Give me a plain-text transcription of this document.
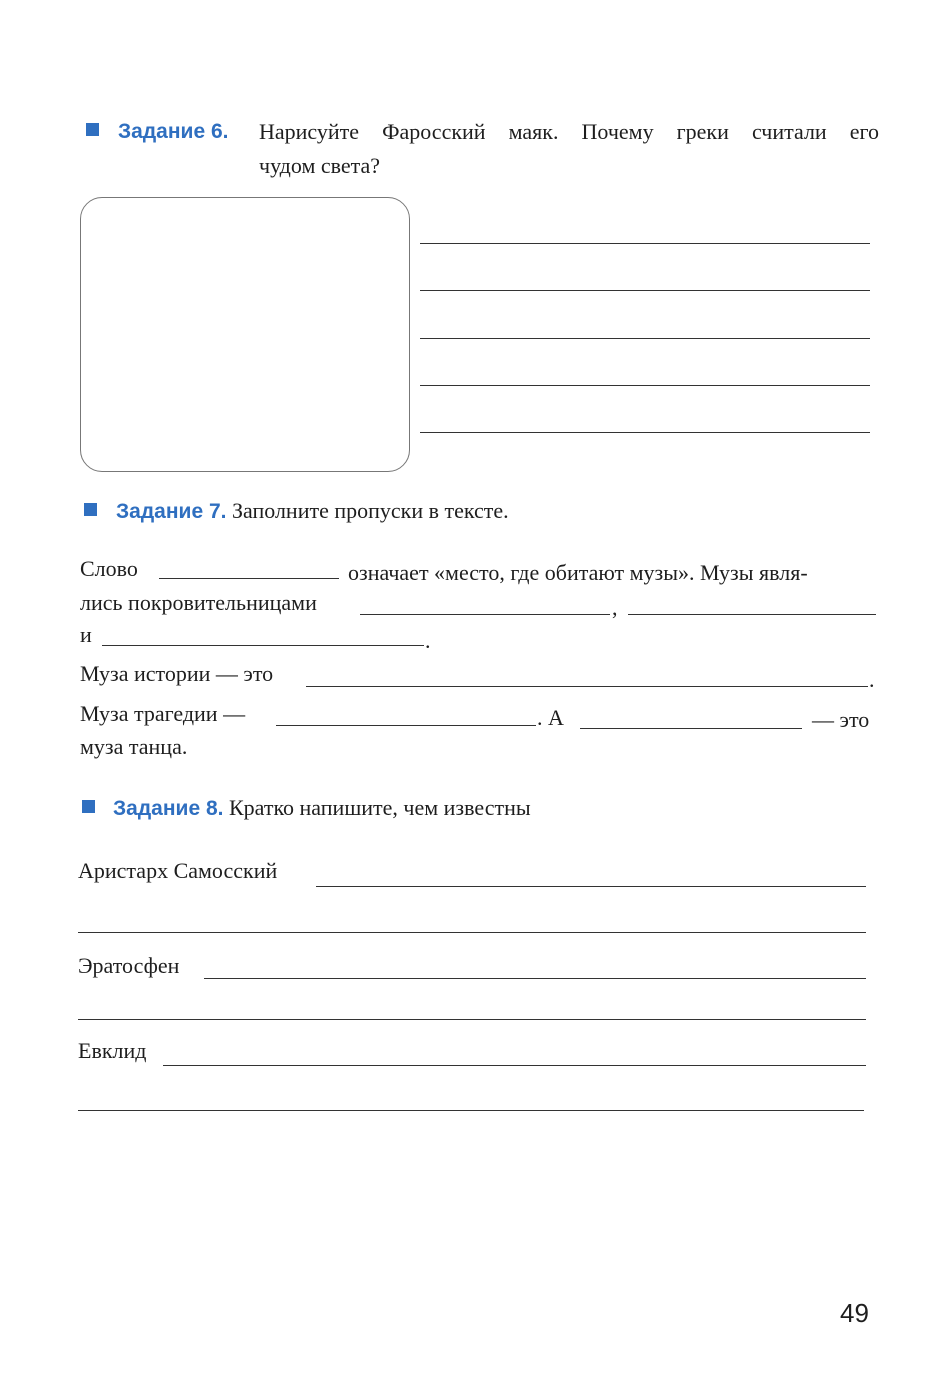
Задание 6. Нарисуйте Фаросский маяк. Почему греки считали его
чудом света?
Задание 7. Заполните пропуски в тексте.
Слово	означает «место, где обитают музы». Музы явля-
лись покровительницами	,
и	.
Муза истории — это	.
Муза трагедии —	. А	— это
муза танца.
Задание 8. Кратко напишите, чем известны
Аристарх Самосский
Эратосфен
Евклид
49
